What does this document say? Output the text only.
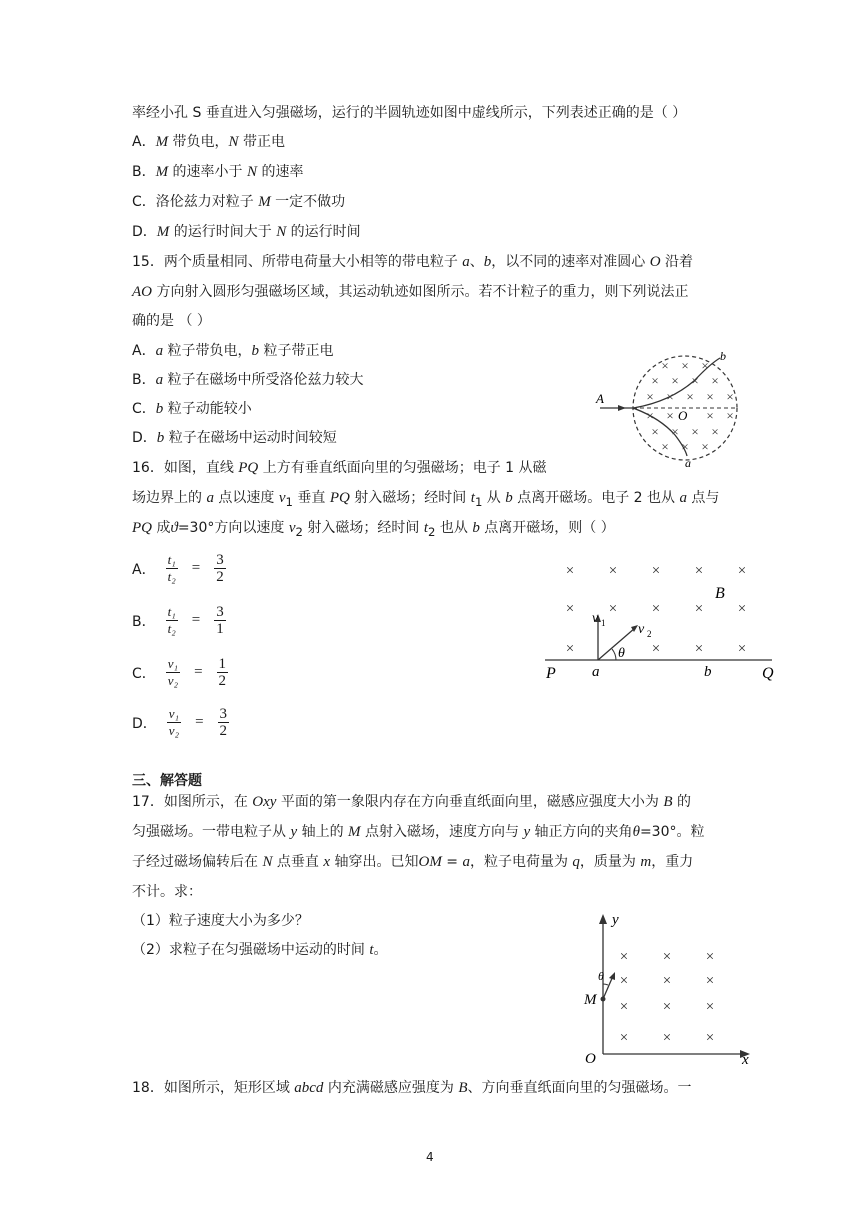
率经小孔 S 垂直进入匀强磁场，运行的半圆轨迹如图中虚线所示，下列表述正确的是（ ）
A．M 带负电，N 带正电
B．M 的速率小于 N 的速率
C．洛伦兹力对粒子 M 一定不做功
D．M 的运行时间大于 N 的运行时间
15．两个质量相同、所带电荷量大小相等的带电粒子 a、b，以不同的速率对准圆心 O 沿着
AO 方向射入圆形匀强磁场区域，其运动轨迹如图所示。若不计粒子的重力，则下列说法正
确的是 （ ）
A．a 粒子带负电，b 粒子带正电
B．a 粒子在磁场中所受洛伦兹力较大
C．b 粒子动能较小
D．b 粒子在磁场中运动时间较短
× × ×
× × × ×
× × × × ×
× ×	× ×
× × × ×
× × ×
A
O
b
a
16．如图，直线 PQ 上方有垂直纸面向里的匀强磁场；电子 1 从磁
场边界上的 a 点以速度 $v_1$ 垂直 PQ 射入磁场；经时间 $t_1$ 从 b 点离开磁场。电子 2 也从 a 点与
PQ 成ϑ=30°方向以速度 $v_2$ 射入磁场；经时间 $t_2$ 也从 b 点离开磁场，则（ ）
A． $\frac{\text{t₁}}{\text{t₂}} = \frac{3}{2}$
B． $\frac{\text{t₁}}{\text{t₂}} = \frac{3}{1}$
C． $\frac{\text{v₁}}{\text{v₂}} = \frac{1}{2}$
D． $\frac{\text{v₁}}{\text{v₂}} = \frac{3}{2}$
× × × × ×
× × × × ×
×	× × ×
θ
v 1 v 2
B
P a	b	Q
三、解答题
17．如图所示，在 Oxy 平面的第一象限内存在方向垂直纸面向里，磁感应强度大小为 B 的
匀强磁场。一带电粒子从 y 轴上的 M 点射入磁场，速度方向与 y 轴正方向的夹角θ=30°。粒
子经过磁场偏转后在 N 点垂直 x 轴穿出。已知OM = a，粒子电荷量为 q，质量为 m，重力
不计。求：
（1）粒子速度大小为多少？
（2）求粒子在匀强磁场中运动的时间 t。	× × ×
× × ×
× × ×
× × ×
θ
M
y
O	x
18．如图所示，矩形区域 abcd 内充满磁感应强度为 B、方向垂直纸面向里的匀强磁场。一
4
